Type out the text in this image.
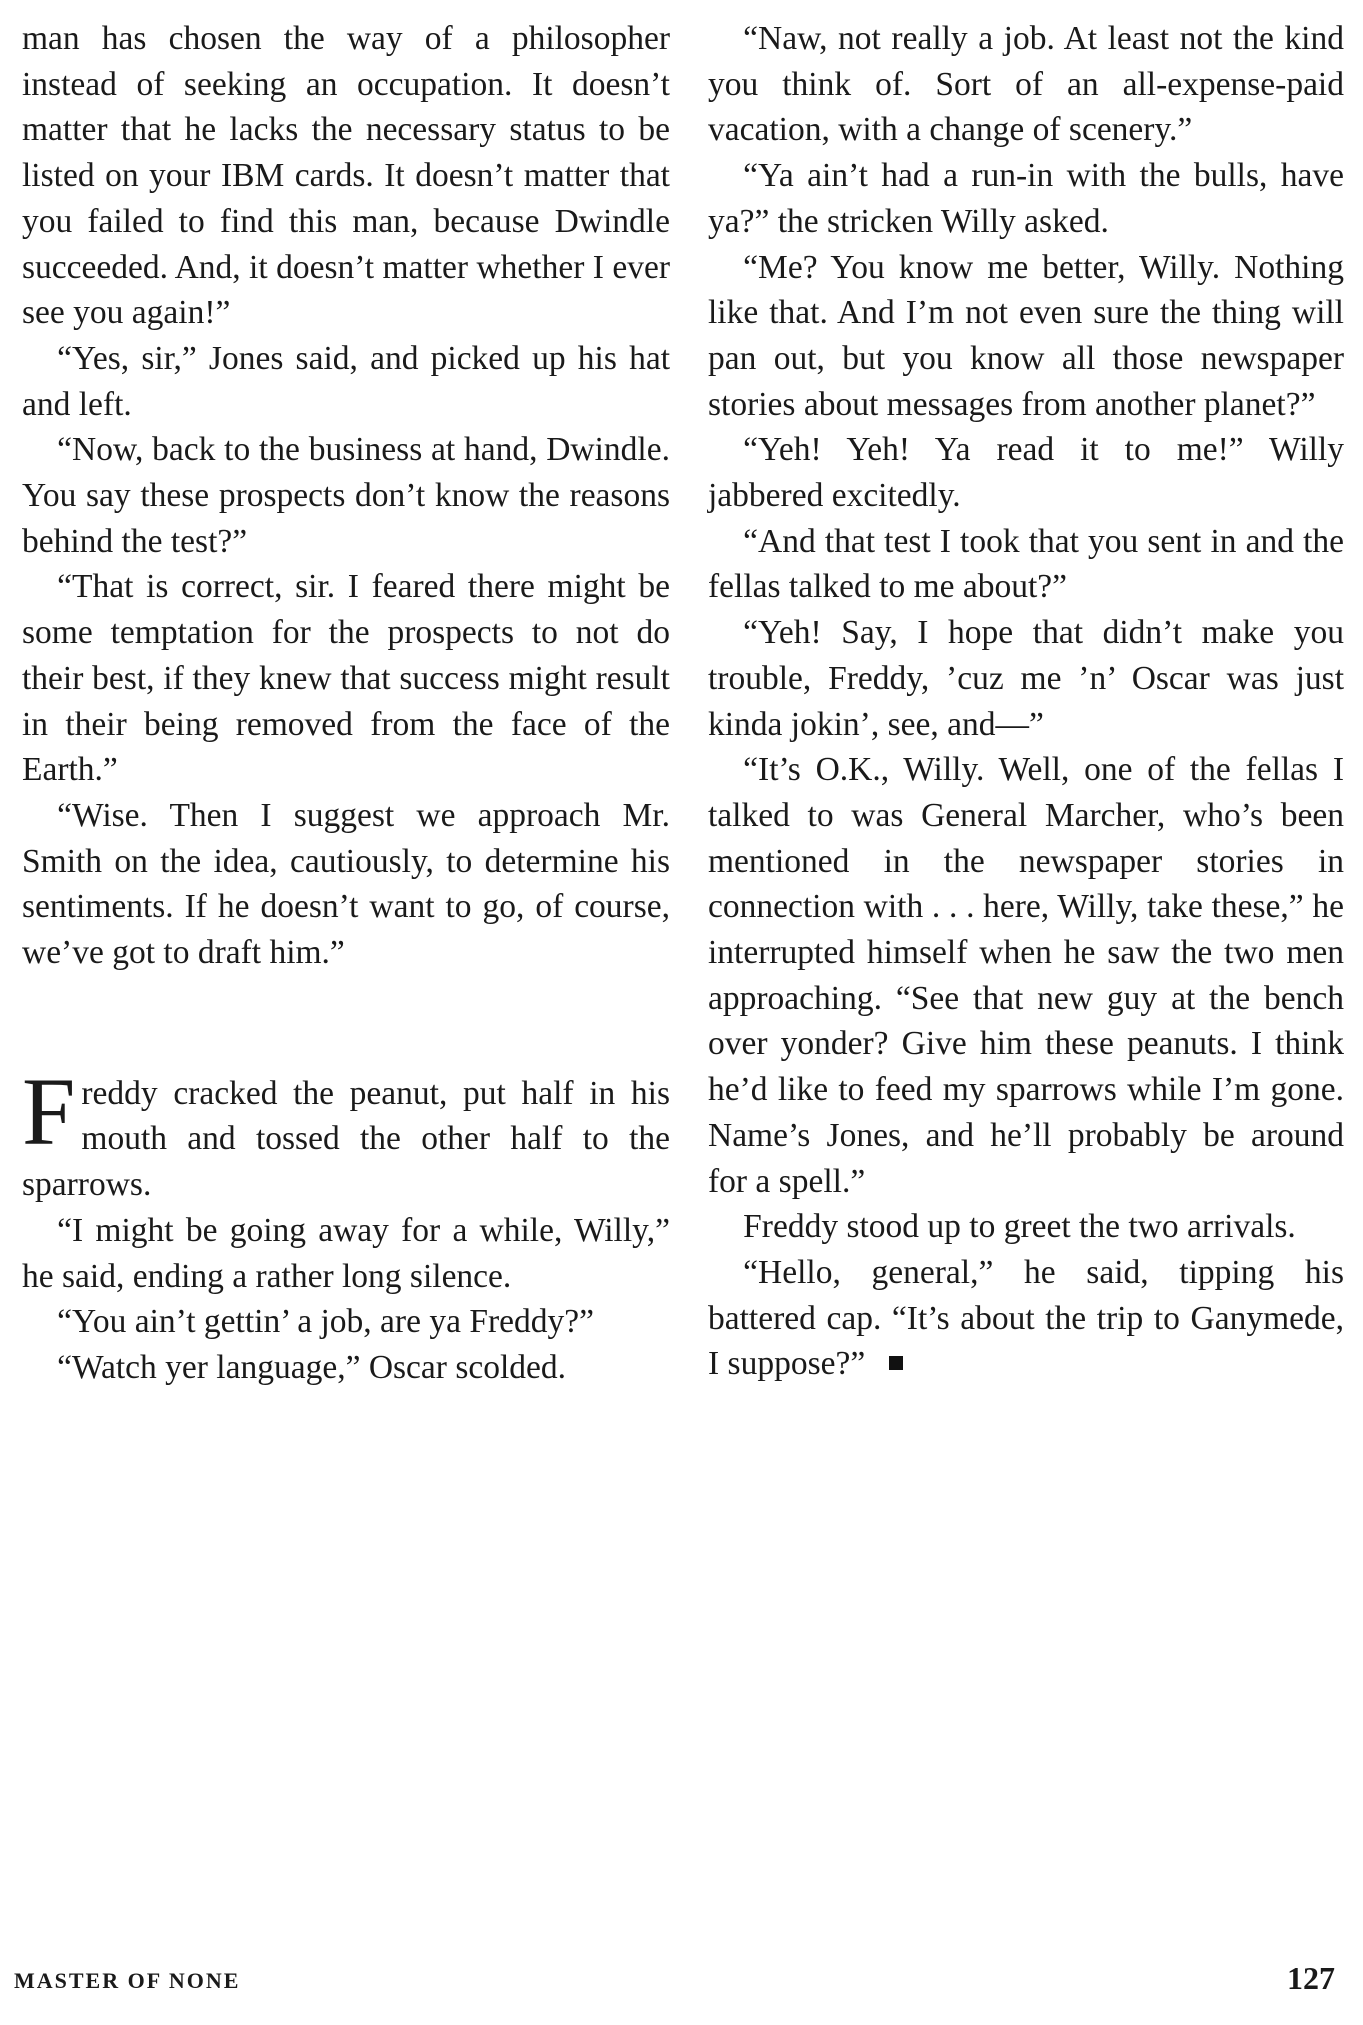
man has chosen the way of a philosopher instead of seeking an occupation. It doesn’t matter that he lacks the necessary status to be listed on your IBM cards. It doesn’t matter that you failed to find this man, because Dwindle succeeded. And, it doesn’t matter whether I ever see you again!”

“Yes, sir,” Jones said, and picked up his hat and left.

“Now, back to the business at hand, Dwindle. You say these prospects don’t know the reasons behind the test?”

“That is correct, sir. I feared there might be some temptation for the prospects to not do their best, if they knew that success might result in their being removed from the face of the Earth.”

“Wise. Then I suggest we approach Mr. Smith on the idea, cautiously, to determine his sentiments. If he doesn’t want to go, of course, we’ve got to draft him.”

Freddy cracked the peanut, put half in his mouth and tossed the other half to the sparrows.

“I might be going away for a while, Willy,” he said, ending a rather long silence.

“You ain’t gettin’ a job, are ya Freddy?”

“Watch yer language,” Oscar scolded.

“Naw, not really a job. At least not the kind you think of. Sort of an all-expense-paid vacation, with a change of scenery.”

“Ya ain’t had a run-in with the bulls, have ya?” the stricken Willy asked.

“Me? You know me better, Willy. Nothing like that. And I’m not even sure the thing will pan out, but you know all those newspaper stories about messages from another planet?”

“Yeh! Yeh! Ya read it to me!” Willy jabbered excitedly.

“And that test I took that you sent in and the fellas talked to me about?”

“Yeh! Say, I hope that didn’t make you trouble, Freddy, ’cuz me ’n’ Oscar was just kinda jokin’, see, and—”

“It’s O.K., Willy. Well, one of the fellas I talked to was General Marcher, who’s been mentioned in the newspaper stories in connection with . . . here, Willy, take these,” he interrupted himself when he saw the two men approaching. “See that new guy at the bench over yonder? Give him these peanuts. I think he’d like to feed my sparrows while I’m gone. Name’s Jones, and he’ll probably be around for a spell.”

Freddy stood up to greet the two arrivals.

“Hello, general,” he said, tipping his battered cap. “It’s about the trip to Ganymede, I suppose?”

MASTER OF NONE	127
